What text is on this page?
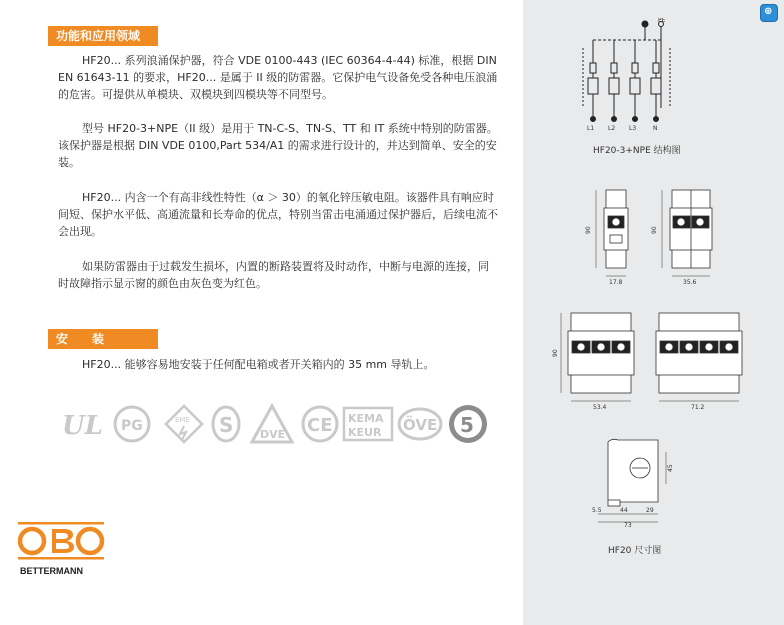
功能和应用领域

HF20... 系列浪涌保护器，符合 VDE 0100-443 (IEC 60364-4-44) 标准，根据 DIN EN 61643-11 的要求，HF20... 是属于 II 级的防雷器。它保护电气设备免受各种电压浪涌的危害。可提供从单模块、双模块到四模块等不同型号。

型号 HF20-3+NPE（II 级）是用于 TN-C-S、TN-S、TT 和 IT 系统中特别的防雷器。该保护器是根据 DIN VDE 0100,Part 534/A1 的需求进行设计的，并达到简单、安全的安装。

HF20... 内含一个有高非线性特性（α ＞ 30）的氧化锌压敏电阻。该器件具有响应时间短、保护水平低、高通流量和长寿命的优点，特别当雷击电涌通过保护器后，后续电流不会出现。

如果防雷器由于过载发生损坏，内置的断路装置将及时动作，中断与电源的连接，同时故障指示显示窗的颜色由灰色变为红色。

安　　装

HF20... 能够容易地安装于任何配电箱或者开关箱内的 35 mm 导轨上。

UL PG	EME S DVE CE KEMA
KEUR ÖVE 5
BETTERMANN
PE
L1 L2 L3	N
HF20-3+NPE 结构图
90	90
17.8	35.6
90
53.4	71.2
5.5	44	29
73
45
HF20 尺寸图
⊕
